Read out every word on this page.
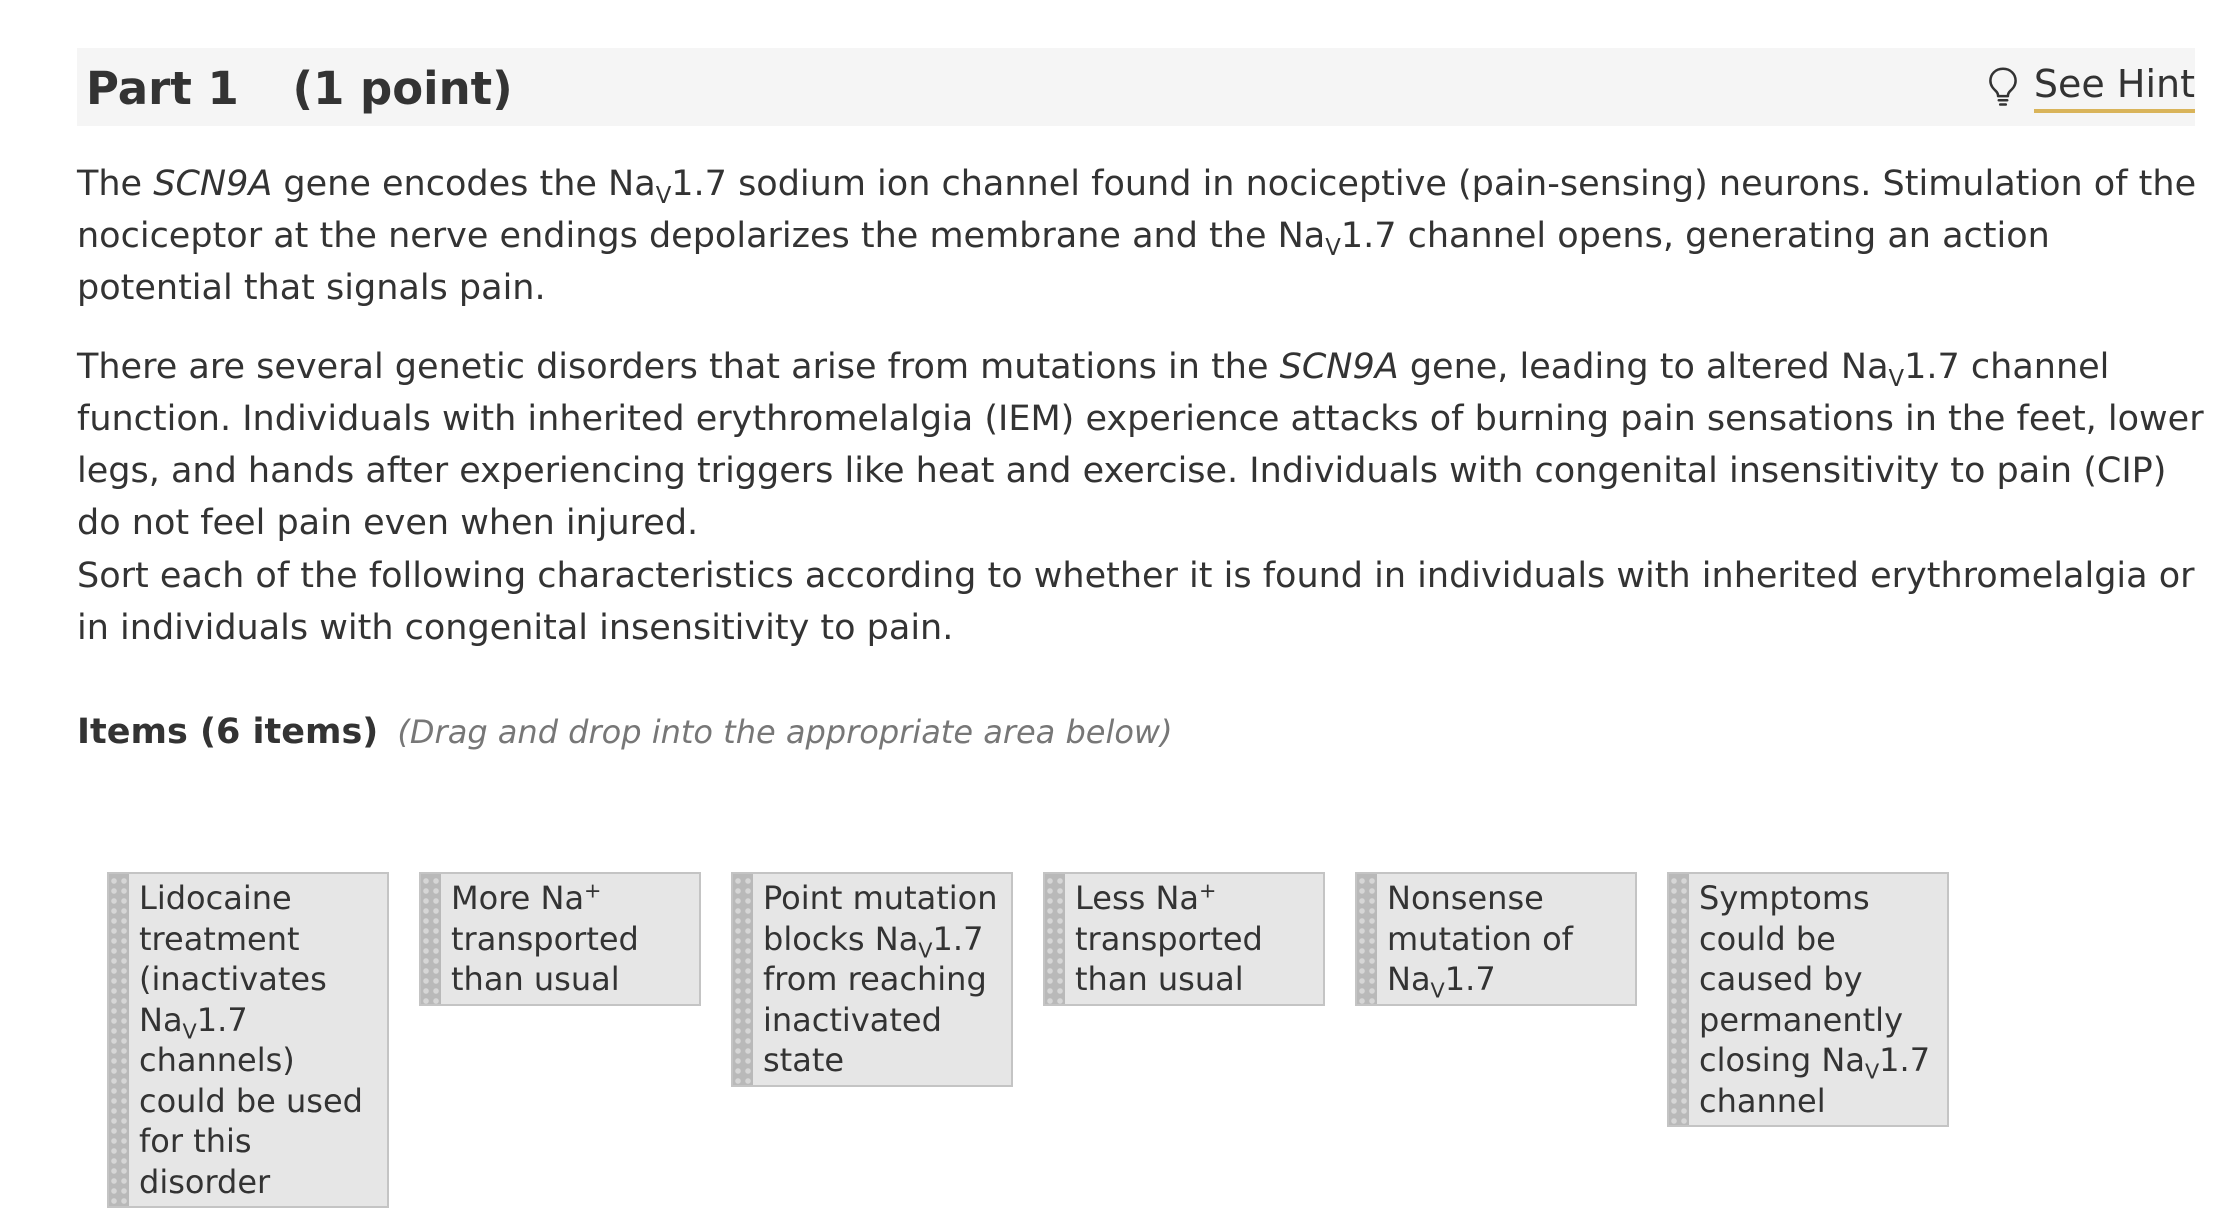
Part 1 (1 point)	See Hint

The SCN9A gene encodes the $Na_V1.7$ sodium ion channel found in nociceptive (pain-sensing) neurons. Stimulation of the nociceptor at the nerve endings depolarizes the membrane and the $Na_V1.7$ channel opens, generating an action potential that signals pain.

There are several genetic disorders that arise from mutations in the SCN9A gene, leading to altered $Na_V1.7$ channel function. Individuals with inherited erythromelalgia (IEM) experience attacks of burning pain sensations in the feet, lower legs, and hands after experiencing triggers like heat and exercise. Individuals with congenital insensitivity to pain (CIP) do not feel pain even when injured.

Sort each of the following characteristics according to whether it is found in individuals with inherited erythromelalgia or in individuals with congenital insensitivity to pain.

Items (6 items) (Drag and drop into the appropriate area below)
Lidocaine treatment (inactivates $Na_V1.7$ channels) could be used for this disorder
More Na+ transported than usual
Point mutation blocks $Na_V1.7$ from reaching inactivated state
Less Na+ transported than usual
Nonsense mutation of $Na_V1.7$
Symptoms could be caused by permanently closing $Na_V1.7$ channel
